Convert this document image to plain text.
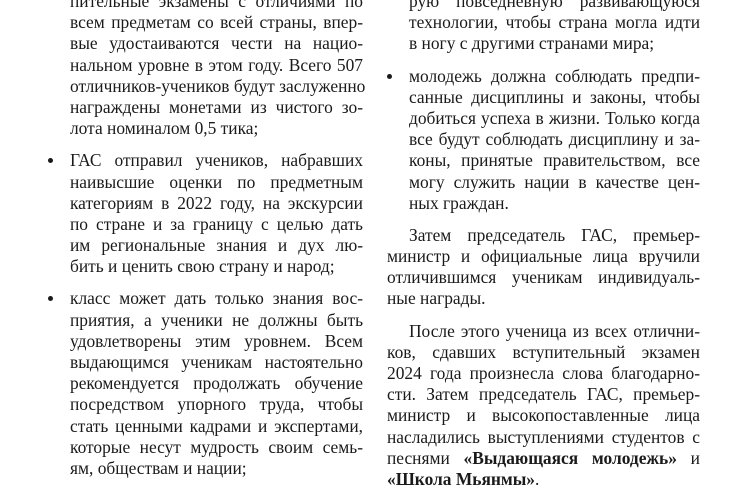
пительные экзамены с отличиями по
всем предметам со всей страны, впер-
вые удостаиваются чести на нацио-
нальном уровне в этом году. Всего 507
отличников-учеников будут заслуженно
награждены монетами из чистого зо-
лота номиналом 0,5 тика;
ГАС отправил учеников, набравших
наивысшие оценки по предметным
категориям в 2022 году, на экскурсии
по стране и за границу с целью дать
им региональные знания и дух лю-
бить и ценить свою страну и народ;
класс может дать только знания вос-
приятия, а ученики не должны быть
удовлетворены этим уровнем. Всем
выдающимся ученикам настоятельно
рекомендуется продолжать обучение
посредством упорного труда, чтобы
стать ценными кадрами и экспертами,
которые несут мудрость своим семь-
ям, обществам и нации;
рую повседневную развивающуюся
технологии, чтобы страна могла идти
в ногу с другими странами мира;
молодежь должна соблюдать предпи-
санные дисциплины и законы, чтобы
добиться успеха в жизни. Только когда
все будут соблюдать дисциплину и за-
коны, принятые правительством, все
могу служить нации в качестве цен-
ных граждан.
Затем председатель ГАС, премьер-
министр и официальные лица вручили
отличившимся ученикам индивидуаль-
ные награды.
После этого ученица из всех отлични-
ков, сдавших вступительный экзамен
2024 года произнесла слова благодарно-
сти. Затем председатель ГАС, премьер-
министр и высокопоставленные лица
насладились выступлениями студентов с
песнями «Выдающаяся молодежь» и
«Школа Мьянмы».
